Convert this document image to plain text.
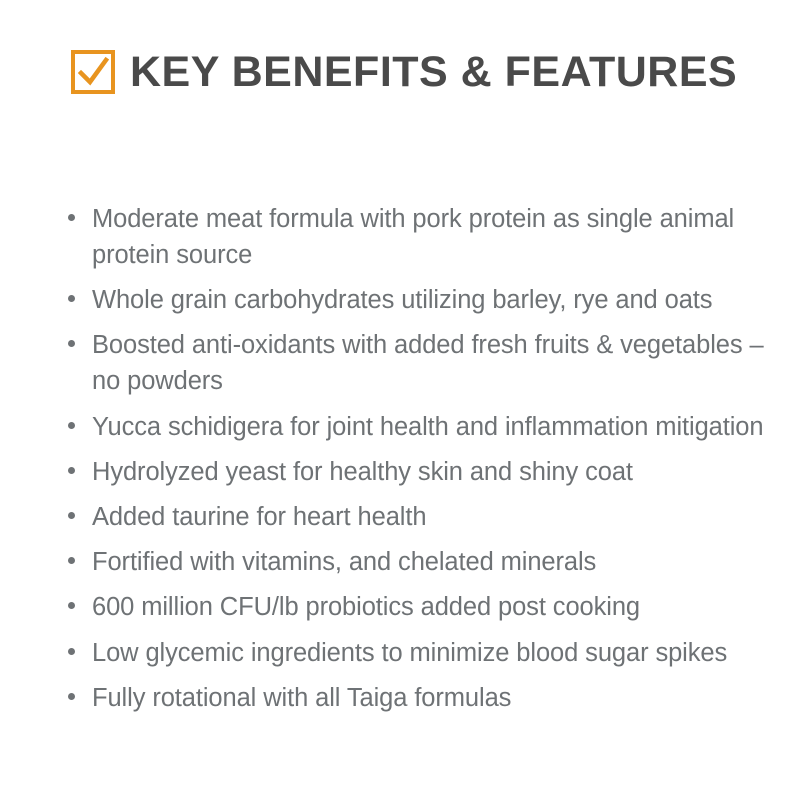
KEY BENEFITS & FEATURES
Moderate meat formula with pork protein as single animal protein source
Whole grain carbohydrates utilizing barley, rye and oats
Boosted anti-oxidants with added fresh fruits & vegetables – no powders
Yucca schidigera for joint health and inflammation mitigation
Hydrolyzed yeast for healthy skin and shiny coat
Added taurine for heart health
Fortified with vitamins, and chelated minerals
600 million CFU/lb probiotics added post cooking
Low glycemic ingredients to minimize blood sugar spikes
Fully rotational with all Taiga formulas
